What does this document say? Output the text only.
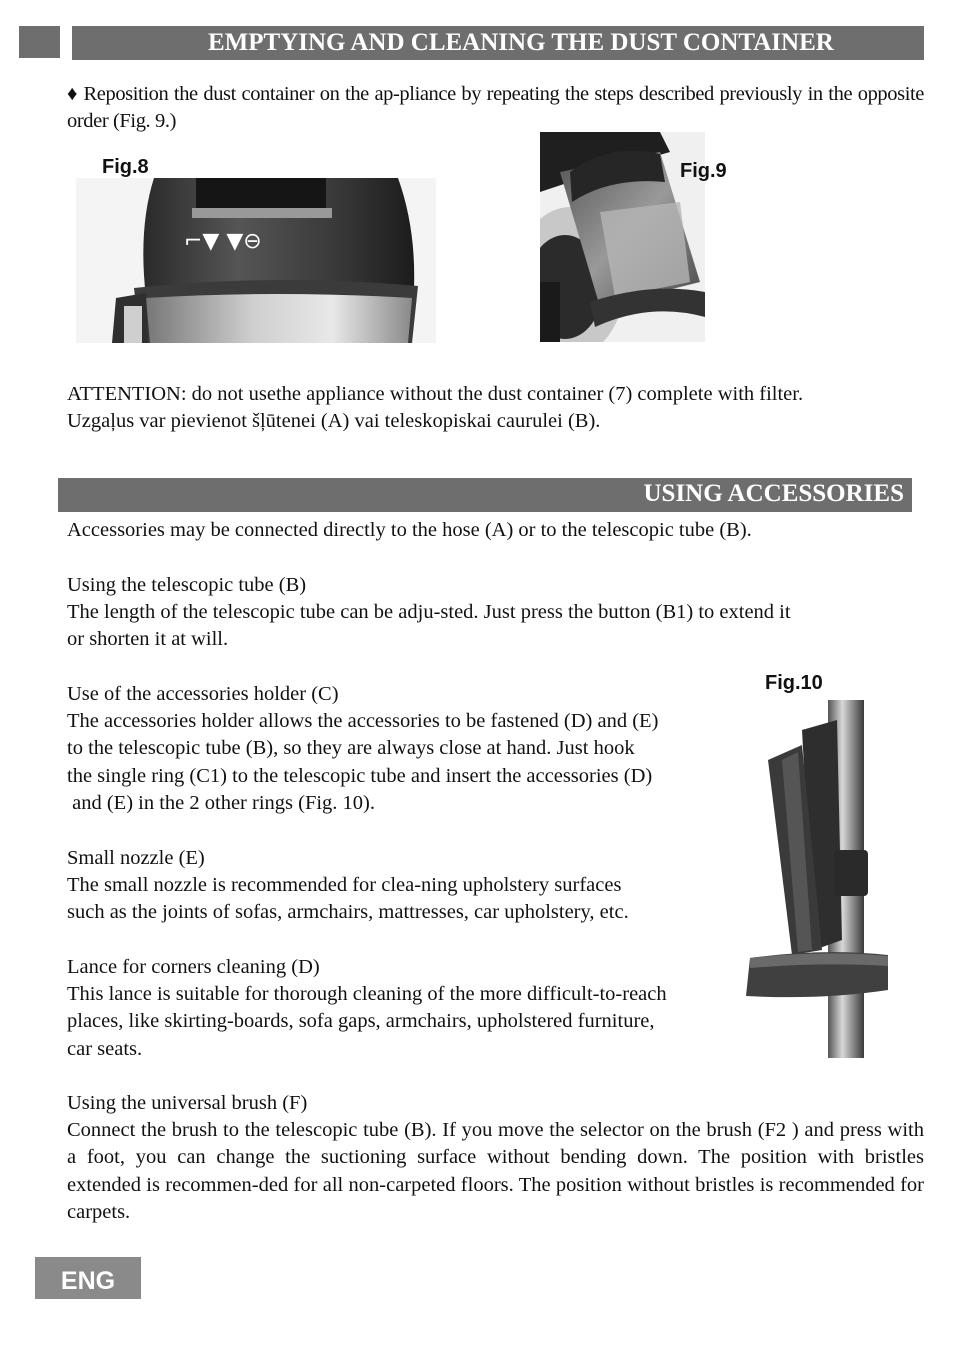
EMPTYING AND CLEANING THE DUST CONTAINER
♦ Reposition the dust container on the ap-pliance by repeating the steps described previously in the opposite order (Fig. 9.)
Fig.8
⌐▼ ▼⊖
Fig.9
ATTENTION: do not usethe appliance without the dust container (7) complete with filter.
Uzgaļus var pievienot šļūtenei (A) vai teleskopiskai caurulei (B).
USING ACCESSORIES
Accessories may be connected directly to the hose (A) or to the telescopic tube (B).
Using the telescopic tube (B)
The length of the telescopic tube can be adju-sted. Just press the button (B1) to extend it
or shorten it at will.
Use of the accessories holder (C)
The accessories holder allows the accessories to be fastened (D) and (E)
to the telescopic tube (B), so they are always close at hand. Just hook
the single ring (C1) to the telescopic tube and insert the accessories (D)
and (E) in the 2 other rings (Fig. 10).
Small nozzle (E)
The small nozzle is recommended for clea-ning upholstery surfaces
such as the joints of sofas, armchairs, mattresses, car upholstery, etc.
Lance for corners cleaning (D)
This lance is suitable for thorough cleaning of the more difficult-to-reach
places, like skirting-boards, sofa gaps, armchairs, upholstered furniture,
car seats.
Using the universal brush (F)
Connect the brush to the telescopic tube (B). If you move the selector on the brush (F2 ) and press with a foot, you can change the suctioning surface without bending down. The position with bristles extended is recommen-ded for all non-carpeted floors. The position without bristles is recommended for carpets.
Fig.10
ENG
